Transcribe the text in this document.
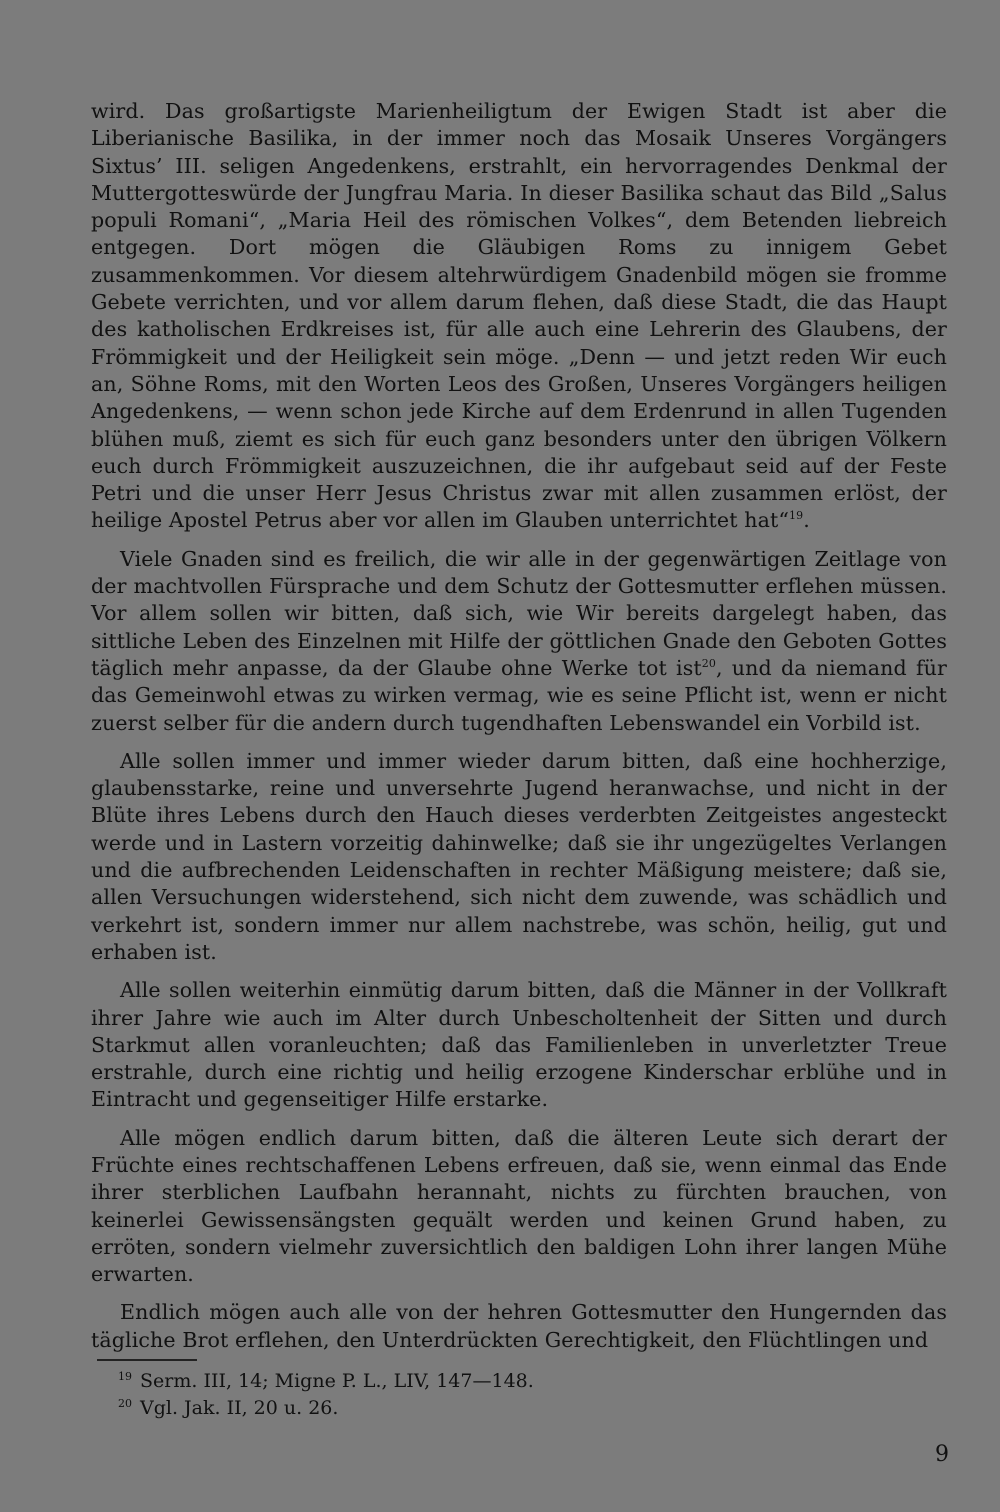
wird. Das großartigste Marienheiligtum der Ewigen Stadt ist aber die Liberianische Basilika, in der immer noch das Mosaik Unseres Vorgängers Sixtus’ III. seligen Angedenkens, erstrahlt, ein hervorragendes Denkmal der Muttergotteswürde der Jungfrau Maria. In dieser Basilika schaut das Bild „Salus populi Romani“, „Maria Heil des römischen Volkes“, dem Betenden liebreich entgegen. Dort mögen die Gläubigen Roms zu innigem Gebet zusammenkommen. Vor diesem altehrwürdigem Gnadenbild mögen sie fromme Gebete verrichten, und vor allem darum flehen, daß diese Stadt, die das Haupt des katholischen Erdkreises ist, für alle auch eine Lehrerin des Glaubens, der Frömmigkeit und der Heiligkeit sein möge. „Denn — und jetzt reden Wir euch an, Söhne Roms, mit den Worten Leos des Großen, Unseres Vorgängers heiligen Angedenkens, — wenn schon jede Kirche auf dem Erdenrund in allen Tugenden blühen muß, ziemt es sich für euch ganz besonders unter den übrigen Völkern euch durch Frömmigkeit auszuzeichnen, die ihr aufgebaut seid auf der Feste Petri und die unser Herr Jesus Christus zwar mit allen zusammen erlöst, der heilige Apostel Petrus aber vor allen im Glauben unterrichtet hat“$^{19}$.

Viele Gnaden sind es freilich, die wir alle in der gegenwärtigen Zeitlage von der machtvollen Fürsprache und dem Schutz der Gottesmutter erflehen müssen. Vor allem sollen wir bitten, daß sich, wie Wir bereits dargelegt haben, das sittliche Leben des Einzelnen mit Hilfe der göttlichen Gnade den Geboten Gottes täglich mehr anpasse, da der Glaube ohne Werke tot ist$^{20}$, und da niemand für das Gemeinwohl etwas zu wirken vermag, wie es seine Pflicht ist, wenn er nicht zuerst selber für die andern durch tugendhaften Lebenswandel ein Vorbild ist.

Alle sollen immer und immer wieder darum bitten, daß eine hochherzige, glaubensstarke, reine und unversehrte Jugend heranwachse, und nicht in der Blüte ihres Lebens durch den Hauch dieses verderbten Zeitgeistes angesteckt werde und in Lastern vorzeitig dahinwelke; daß sie ihr ungezügeltes Verlangen und die aufbrechenden Leidenschaften in rechter Mäßigung meistere; daß sie, allen Versuchungen widerstehend, sich nicht dem zuwende, was schädlich und verkehrt ist, sondern immer nur allem nachstrebe, was schön, heilig, gut und erhaben ist.

Alle sollen weiterhin einmütig darum bitten, daß die Männer in der Vollkraft ihrer Jahre wie auch im Alter durch Unbescholtenheit der Sitten und durch Starkmut allen voranleuchten; daß das Familienleben in unverletzter Treue erstrahle, durch eine richtig und heilig erzogene Kinderschar erblühe und in Eintracht und gegenseitiger Hilfe erstarke.

Alle mögen endlich darum bitten, daß die älteren Leute sich derart der Früchte eines rechtschaffenen Lebens erfreuen, daß sie, wenn einmal das Ende ihrer sterblichen Laufbahn herannaht, nichts zu fürchten brauchen, von keinerlei Gewissensängsten gequält werden und keinen Grund haben, zu erröten, sondern vielmehr zuversichtlich den baldigen Lohn ihrer langen Mühe erwarten.

Endlich mögen auch alle von der hehren Gottesmutter den Hungernden das tägliche Brot erflehen, den Unterdrückten Gerechtigkeit, den Flüchtlingen und

$^{19}$ Serm. III, 14; Migne P. L., LIV, 147—148.
$^{20}$ Vgl. Jak. II, 20 u. 26.
9
